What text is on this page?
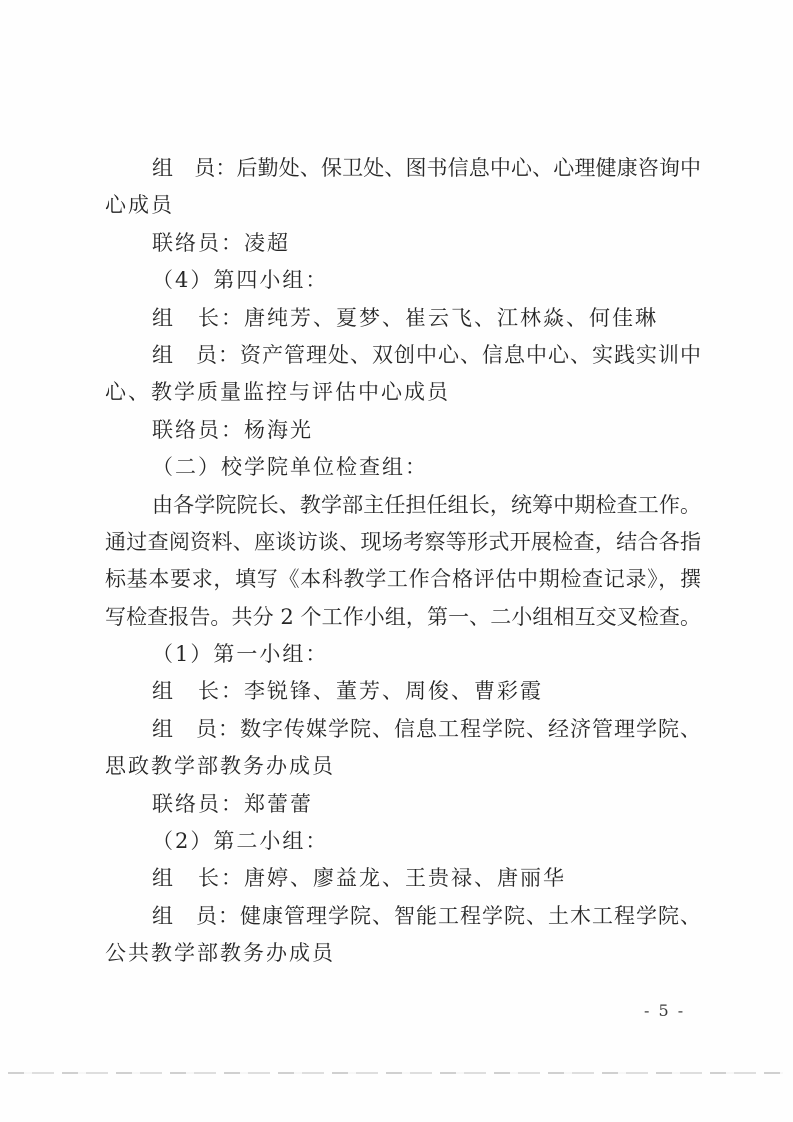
组　员：后勤处、保卫处、图书信息中心、心理健康咨询中
心成员
联络员：凌超
（4）第四小组：
组　长：唐纯芳、夏梦、崔云飞、江林焱、何佳琳
组　员：资产管理处、双创中心、信息中心、实践实训中
心、教学质量监控与评估中心成员
联络员：杨海光
（二）校学院单位检查组：
由各学院院长、教学部主任担任组长，统筹中期检查工作。
通过查阅资料、座谈访谈、现场考察等形式开展检查，结合各指
标基本要求，填写《本科教学工作合格评估中期检查记录》，撰
写检查报告。共分 2 个工作小组，第一、二小组相互交叉检查。
（1）第一小组：
组　长：李锐锋、董芳、周俊、曹彩霞
组　员：数字传媒学院、信息工程学院、经济管理学院、
思政教学部教务办成员
联络员：郑蕾蕾
（2）第二小组：
组　长：唐婷、廖益龙、王贵禄、唐丽华
组　员：健康管理学院、智能工程学院、土木工程学院、
公共教学部教务办成员
- 5 -
